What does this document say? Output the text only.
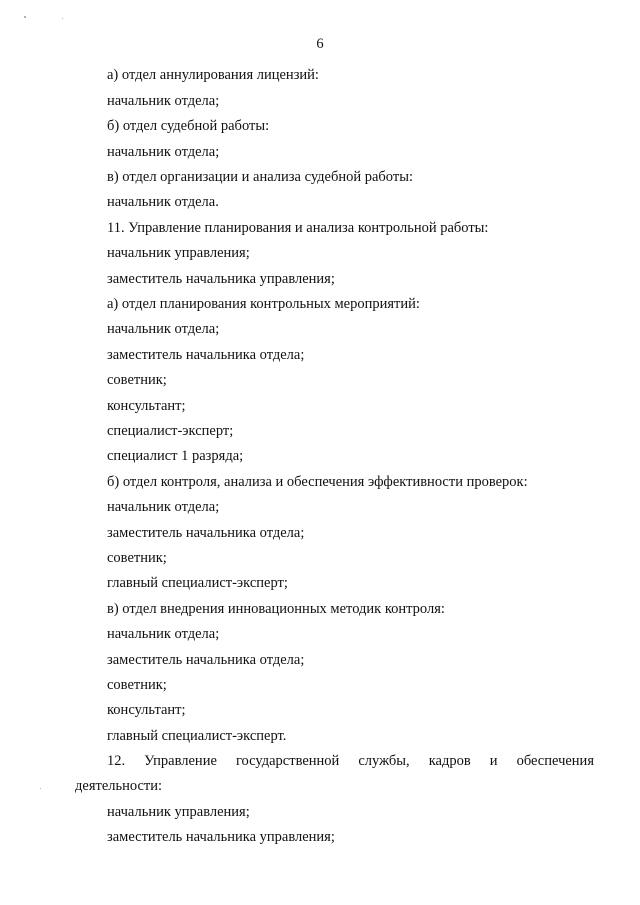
6
а) отдел аннулирования лицензий:
начальник отдела;
б) отдел судебной работы:
начальник отдела;
в) отдел организации и анализа судебной работы:
начальник отдела.
11. Управление планирования и анализа контрольной работы:
начальник управления;
заместитель начальника управления;
а) отдел планирования контрольных мероприятий:
начальник отдела;
заместитель начальника отдела;
советник;
консультант;
специалист-эксперт;
специалист 1 разряда;
б) отдел контроля, анализа и обеспечения эффективности проверок:
начальник отдела;
заместитель начальника отдела;
советник;
главный специалист-эксперт;
в) отдел внедрения инновационных методик контроля:
начальник отдела;
заместитель начальника отдела;
советник;
консультант;
главный специалист-эксперт.
12. Управление государственной службы, кадров и обеспечения
деятельности:
начальник управления;
заместитель начальника управления;
